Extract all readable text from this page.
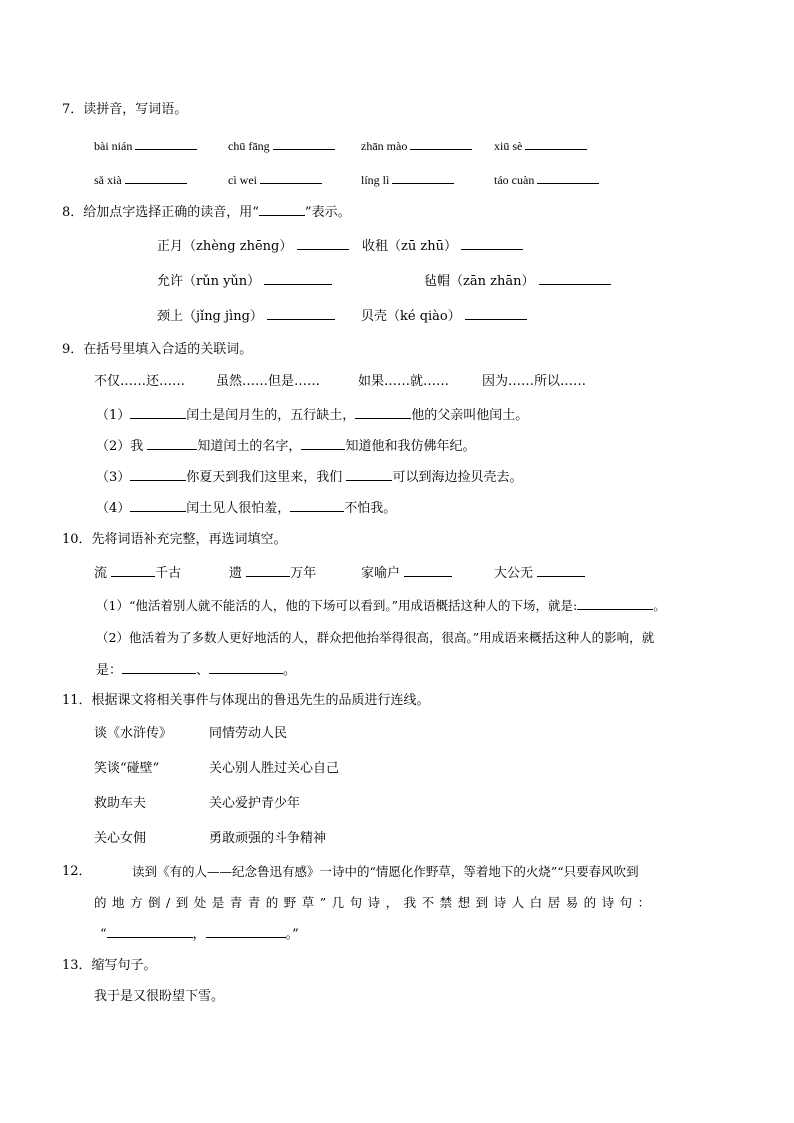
7．读拼音，写词语。
bài nián	chū fāng	zhān mào	xiū sè
sǎ xià	cì wei	líng lì	táo cuàn
8．给加点字选择正确的读音，用“	”表示。
正月（zhèng zhēng）	收租（zū zhū）
允许（rǔn yǔn）	毡帽（zān zhān）
颈上（jǐng jìng）	贝壳（ké qiào）
9．在括号里填入合适的关联词。
不仅……还…… 虽然……但是……	如果……就……	因为……所以……
（1）	闰土是闰月生的，五行缺土，	他的父亲叫他闰土。
（2）我	知道闰土的名字，	知道他和我仿佛年纪。
（3）	你夏天到我们这里来，我们	可以到海边捡贝壳去。
（4）	闰土见人很怕羞，	不怕我。
10．先将词语补充完整，再选词填空。
流	千古	遗	万年	家喻户	大公无
（1）“他活着别人就不能活的人，他的下场可以看到。”用成语概括这种人的下场，就是:	。
（2）他活着为了多数人更好地活的人，群众把他抬举得很高，很高。”用成语来概括这种人的影响，就
是：	、	。
11．根据课文将相关事件与体现出的鲁迅先生的品质进行连线。
谈《水浒传》	同情劳动人民
笑谈“碰壁”	关心别人胜过关心自己
救助车夫	关心爱护青少年
关心女佣	勇敢顽强的斗争精神
12．	读到《有的人——纪念鲁迅有感》一诗中的“情愿化作野草，等着地下的火烧”“只要春风吹到
的地方倒/到处是青青的野草”几句诗，我不禁想到诗人白居易的诗句：
“	，	。”
13．缩写句子。
我于是又很盼望下雪。
